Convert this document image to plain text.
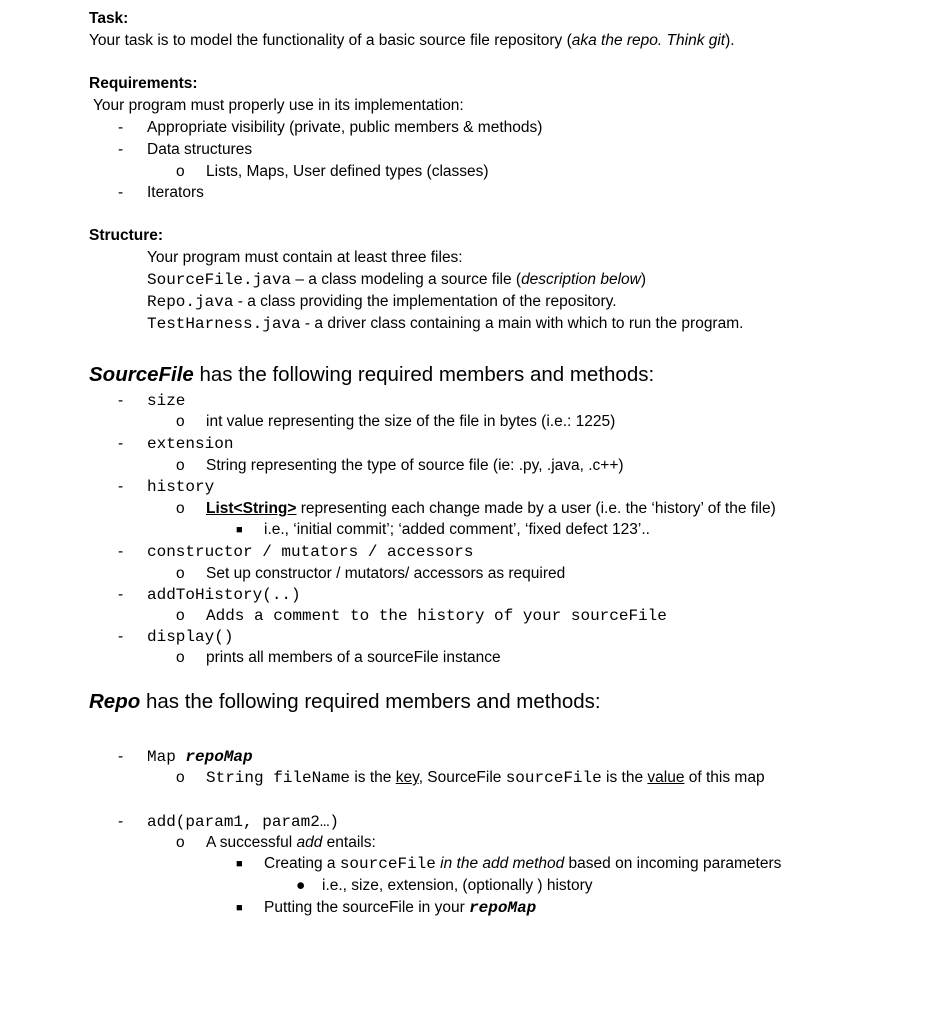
Task:
Your task is to model the functionality of a basic source file repository (aka the repo. Think git).
Requirements:
Your program must properly use in its implementation:
- Appropriate visibility (private, public members & methods)
- Data structures
o Lists, Maps, User defined types (classes)
- Iterators
Structure:
Your program must contain at least three files:
SourceFile.java – a class modeling a source file (description below)
Repo.java - a class providing the implementation of the repository.
TestHarness.java - a driver class containing a main with which to run the program.
SourceFile has the following required members and methods:
- size
o int value representing the size of the file in bytes (i.e.: 1225)
- extension
o String representing the type of source file (ie: .py, .java, .c++)
- history
o List<String> representing each change made by a user (i.e. the ‘history’ of the file)
■ i.e., ‘initial commit’; ‘added comment’, ‘fixed defect 123’..
- constructor / mutators / accessors
o Set up constructor / mutators/ accessors as required
- addToHistory(..)
o Adds a comment to the history of your sourceFile
- display()
o prints all members of a sourceFile instance
Repo has the following required members and methods:
- Map repoMap
o String fileName is the key, SourceFile sourceFile is the value of this map
- add(param1, param2…)
o A successful add entails:
■ Creating a sourceFile in the add method based on incoming parameters
● i.e., size, extension, (optionally ) history
■ Putting the sourceFile in your repoMap
